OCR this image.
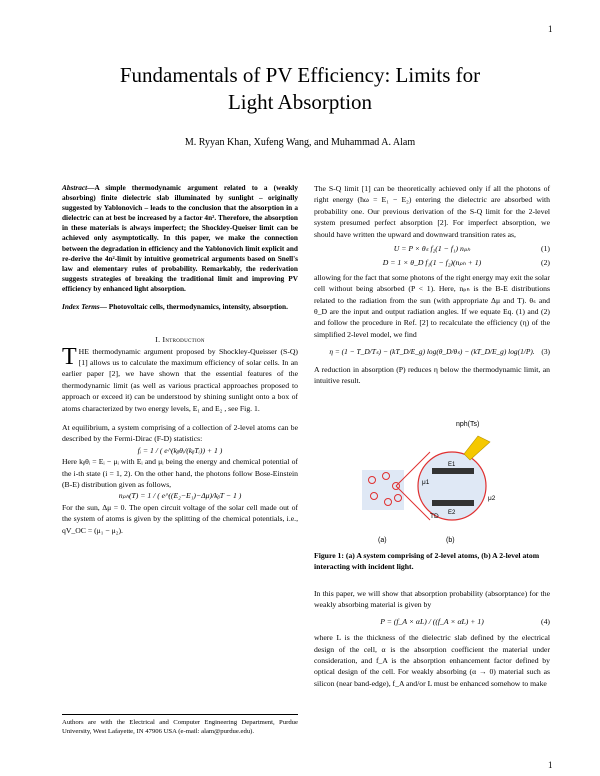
1
Fundamentals of PV Efficiency: Limits for
Light Absorption
M. Ryyan Khan, Xufeng Wang, and Muhammad A. Alam

Abstract—A simple thermodynamic argument related to a (weakly absorbing) finite dielectric slab illuminated by sunlight – originally suggested by Yablonovich – leads to the conclusion that the absorption in a dielectric can at best be increased by a factor 4n². Therefore, the absorption in these materials is always imperfect; the Shockley-Queiser limit can be achieved only asymptotically. In this paper, we make the connection between the degradation in efficiency and the Yablonovich limit explicit and re-derive the 4n²-limit by intuitive geometrical arguments based on Snell's law and elementary rules of probability. Remarkably, the rederivation suggests strategies of breaking the traditional limit and improving PV efficiency by enhanced light absorption.

Index Terms— Photovoltaic cells, thermodynamics, intensity, absorption.

I. Introduction

THE thermodynamic argument proposed by Shockley-Queisser (S-Q) [1] allows us to calculate the maximum efficiency of solar cells. In an earlier paper [2], we have shown that the essential features of the thermodynamic limit (as well as various practical approaches proposed to approach or exceed it) can be understood by shining sunlight onto a box of atoms characterized by two energy levels, E₁ and E₂ , see Fig. 1.

At equilibrium, a system comprising of a collection of 2-level atoms can be described by the Fermi-Dirac (F-D) statistics:

fᵢ = 1 / ( e^(kᵦθᵢ/(kᵦTᵢ)) + 1 )

Here kᵦθᵢ = Eᵢ − μᵢ with Eᵢ and μᵢ being the energy and chemical potential of the i-th state (i = 1, 2). On the other hand, the photons follow Bose-Einstein (B-E) distribution given as follows,

nₚₕ(T) = 1 / ( e^((E₂−E₁)−Δμ)/kᵦT − 1 )

For the sun, Δμ = 0. The open circuit voltage of the solar cell made out of the system of atoms is given by the splitting of the chemical potentials, i.e., qV_OC = (μ₁ − μ₂).

Authors are with the Electrical and Computer Engineering Department, Purdue University, West Lafayette, IN 47906 USA (e-mail: alam@purdue.edu).

The S-Q limit [1] can be theoretically achieved only if all the photons of right energy (ħω = E₁ − E₂) entering the dielectric are absorbed with probability one. Our previous derivation of the S-Q limit for the 2-level system presumed perfect absorption [2]. For imperfect absorption, we should have written the upward and downward transition rates as,

U = P × θₛ f₂(1 − f₁) nₚₕ	(1)
D = 1 × θ_D f₁(1 − f₂)(nₚₕ + 1)	(2)

allowing for the fact that some photons of the right energy may exit the solar cell without being absorbed (P < 1). Here, nₚₕ is the B-E distributions related to the radiation from the sun (with appropriate Δμ and T). θₛ and θ_D are the input and output radiation angles. If we equate Eq. (1) and (2) and follow the procedure in Ref. [2] to recalculate the efficiency (η) of the simplified 2-level model, we find

η = (1 − T_D/Tₛ) − (kT_D/E_g) log(θ_D/θₛ) − (kT_D/E_g) log(1/P). (3)

A reduction in absorption (P) reduces η below the thermodynamic limit, an intuitive result.

nph(Ts)
E1
E2
μ1
μ2
TD
(a)	(b)
Figure 1: (a) A system comprising of 2-level atoms, (b) A 2-level atom interacting with incident light.

In this paper, we will show that absorption probability (absorptance) for the weakly absorbing material is given by

P = (f_A × αL) / ((f_A × αL) + 1)	(4)

where L is the thickness of the dielectric slab defined by the electrical design of the cell, α is the absorption coefficient the material under consideration, and f_A is the absorption enhancement factor defined by optical design of the cell. For weakly absorbing (α → 0) material such as silicon (near band-edge), f_A and/or L must be enhanced somehow to make

1
